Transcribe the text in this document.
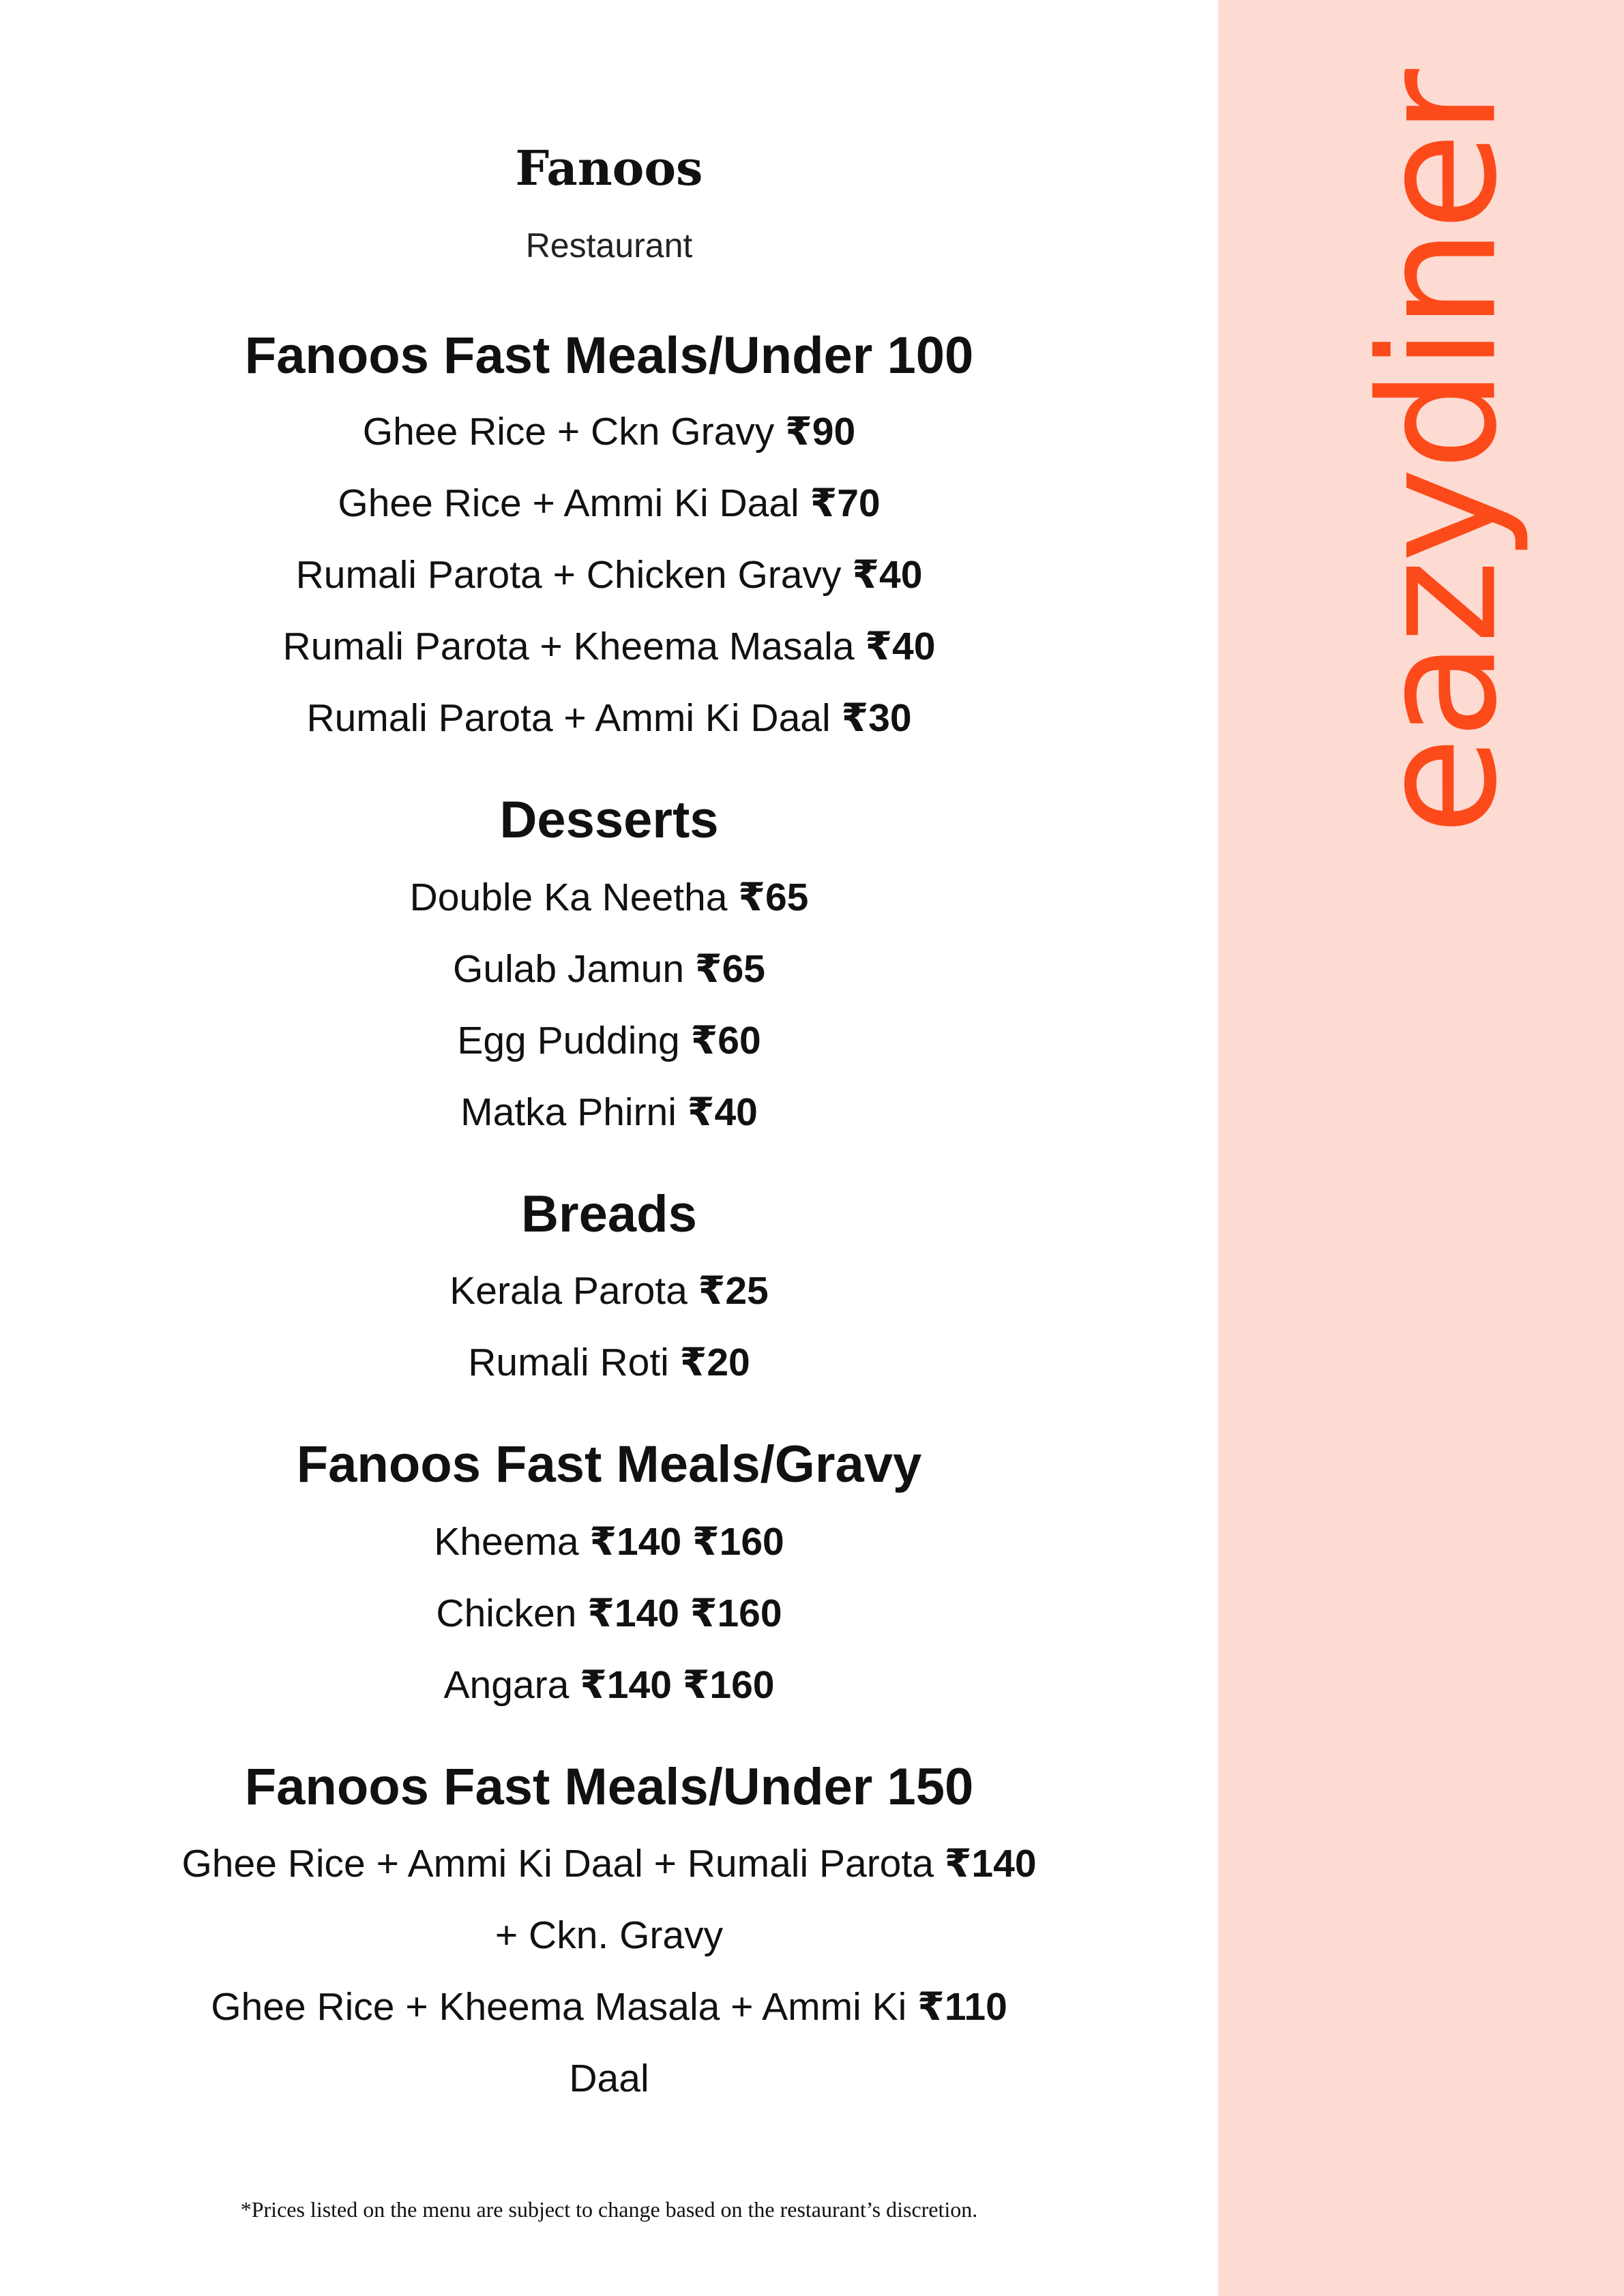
Fanoos
Restaurant
Fanoos Fast Meals/Under 100
Ghee Rice + Ckn Gravy ₹90
Ghee Rice + Ammi Ki Daal ₹70
Rumali Parota + Chicken Gravy ₹40
Rumali Parota + Kheema Masala ₹40
Rumali Parota + Ammi Ki Daal ₹30
Desserts
Double Ka Neetha ₹65
Gulab Jamun ₹65
Egg Pudding ₹60
Matka Phirni ₹40
Breads
Kerala Parota ₹25
Rumali Roti ₹20
Fanoos Fast Meals/Gravy
Kheema ₹140 ₹160
Chicken ₹140 ₹160
Angara ₹140 ₹160
Fanoos Fast Meals/Under 150
Ghee Rice + Ammi Ki Daal + Rumali Parota ₹140
+ Ckn. Gravy
Ghee Rice + Kheema Masala + Ammi Ki ₹110
Daal
*Prices listed on the menu are subject to change based on the restaurant’s discretion.
eazydiner
